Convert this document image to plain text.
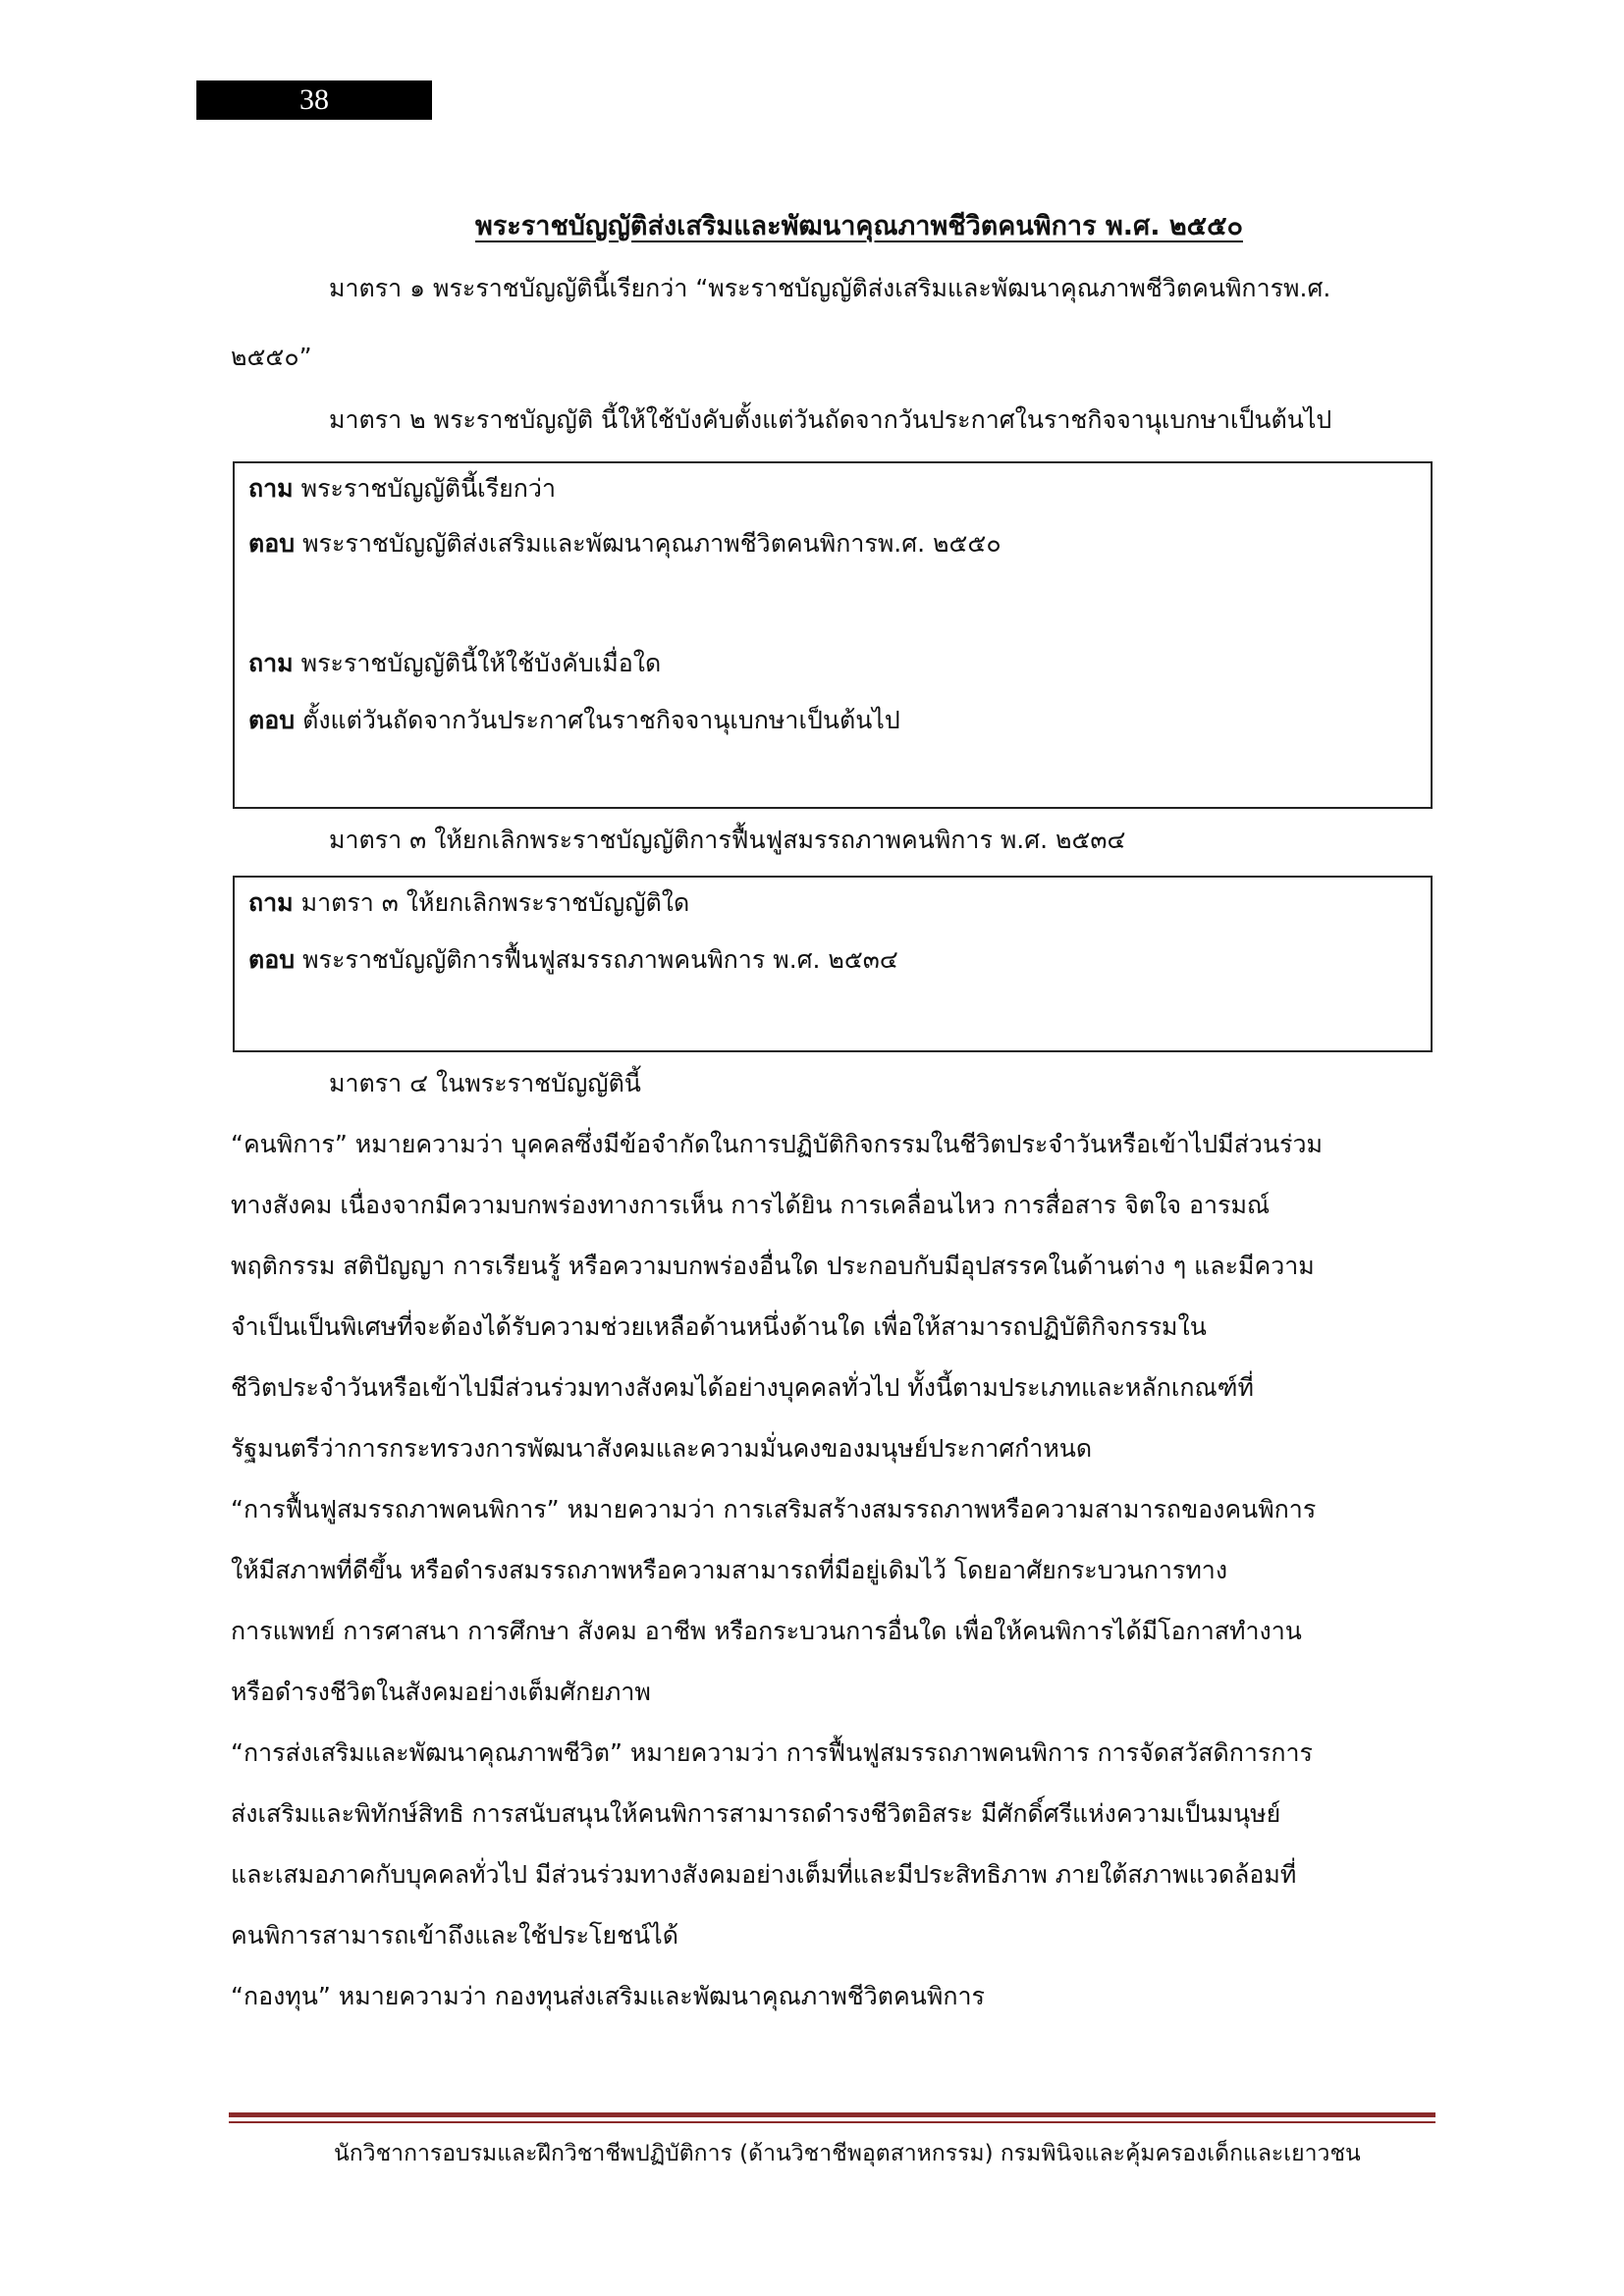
38
พระราชบัญญัติส่งเสริมและพัฒนาคุณภาพชีวิตคนพิการ พ.ศ. ๒๕๕๐
มาตรา ๑ พระราชบัญญัตินี้เรียกว่า “พระราชบัญญัติส่งเสริมและพัฒนาคุณภาพชีวิตคนพิการพ.ศ.
๒๕๕๐”
มาตรา ๒ พระราชบัญญัติ นี้ให้ใช้บังคับตั้งแต่วันถัดจากวันประกาศในราชกิจจานุเบกษาเป็นต้นไป
ถาม พระราชบัญญัตินี้เรียกว่า
ตอบ พระราชบัญญัติส่งเสริมและพัฒนาคุณภาพชีวิตคนพิการพ.ศ. ๒๕๕๐
ถาม พระราชบัญญัตินี้ให้ใช้บังคับเมื่อใด
ตอบ ตั้งแต่วันถัดจากวันประกาศในราชกิจจานุเบกษาเป็นต้นไป
มาตรา ๓ ให้ยกเลิกพระราชบัญญัติการฟื้นฟูสมรรถภาพคนพิการ พ.ศ. ๒๕๓๔
ถาม มาตรา ๓ ให้ยกเลิกพระราชบัญญัติใด
ตอบ พระราชบัญญัติการฟื้นฟูสมรรถภาพคนพิการ พ.ศ. ๒๕๓๔
มาตรา ๔ ในพระราชบัญญัตินี้
“คนพิการ” หมายความว่า บุคคลซึ่งมีข้อจำกัดในการปฏิบัติกิจกรรมในชีวิตประจำวันหรือเข้าไปมีส่วนร่วม
ทางสังคม เนื่องจากมีความบกพร่องทางการเห็น การได้ยิน การเคลื่อนไหว การสื่อสาร จิตใจ อารมณ์
พฤติกรรม สติปัญญา การเรียนรู้ หรือความบกพร่องอื่นใด ประกอบกับมีอุปสรรคในด้านต่าง ๆ และมีความ
จำเป็นเป็นพิเศษที่จะต้องได้รับความช่วยเหลือด้านหนึ่งด้านใด เพื่อให้สามารถปฏิบัติกิจกรรมใน
ชีวิตประจำวันหรือเข้าไปมีส่วนร่วมทางสังคมได้อย่างบุคคลทั่วไป ทั้งนี้ตามประเภทและหลักเกณฑ์ที่
รัฐมนตรีว่าการกระทรวงการพัฒนาสังคมและความมั่นคงของมนุษย์ประกาศกำหนด
“การฟื้นฟูสมรรถภาพคนพิการ” หมายความว่า การเสริมสร้างสมรรถภาพหรือความสามารถของคนพิการ
ให้มีสภาพที่ดีขึ้น หรือดำรงสมรรถภาพหรือความสามารถที่มีอยู่เดิมไว้ โดยอาศัยกระบวนการทาง
การแพทย์ การศาสนา การศึกษา สังคม อาชีพ หรือกระบวนการอื่นใด เพื่อให้คนพิการได้มีโอกาสทำงาน
หรือดำรงชีวิตในสังคมอย่างเต็มศักยภาพ
“การส่งเสริมและพัฒนาคุณภาพชีวิต” หมายความว่า การฟื้นฟูสมรรถภาพคนพิการ การจัดสวัสดิการการ
ส่งเสริมและพิทักษ์สิทธิ การสนับสนุนให้คนพิการสามารถดำรงชีวิตอิสระ มีศักดิ์ศรีแห่งความเป็นมนุษย์
และเสมอภาคกับบุคคลทั่วไป มีส่วนร่วมทางสังคมอย่างเต็มที่และมีประสิทธิภาพ ภายใต้สภาพแวดล้อมที่
คนพิการสามารถเข้าถึงและใช้ประโยชน์ได้
“กองทุน” หมายความว่า กองทุนส่งเสริมและพัฒนาคุณภาพชีวิตคนพิการ
นักวิชาการอบรมและฝึกวิชาชีพปฏิบัติการ (ด้านวิชาชีพอุตสาหกรรม) กรมพินิจและคุ้มครองเด็กและเยาวชน
